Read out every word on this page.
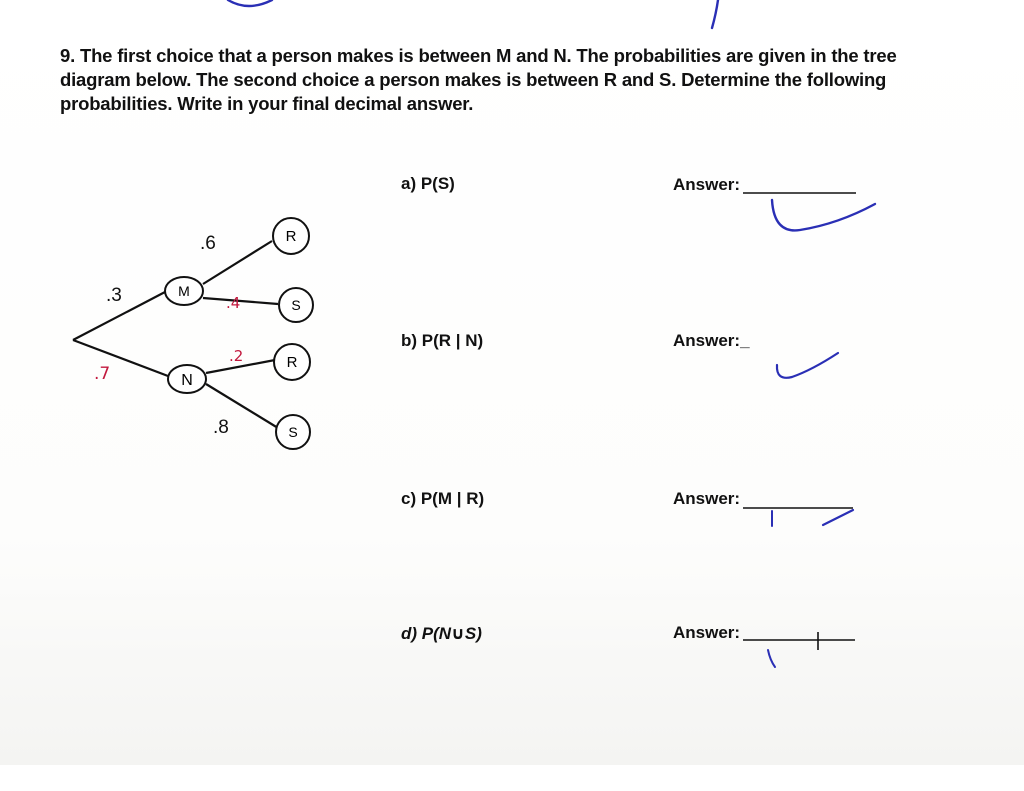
9. The first choice that a person makes is between M and N. The probabilities are given in the tree
diagram below. The second choice a person makes is between R and S. Determine the following
probabilities. Write in your final decimal answer.
M
N
R
S
R
S
.3
.6
.8
.7
.4
.2
a) P(S)	Answer:
b) P(R | N)	Answer:_
c) P(M | R)	Answer:
d) P(N∪S)	Answer:
